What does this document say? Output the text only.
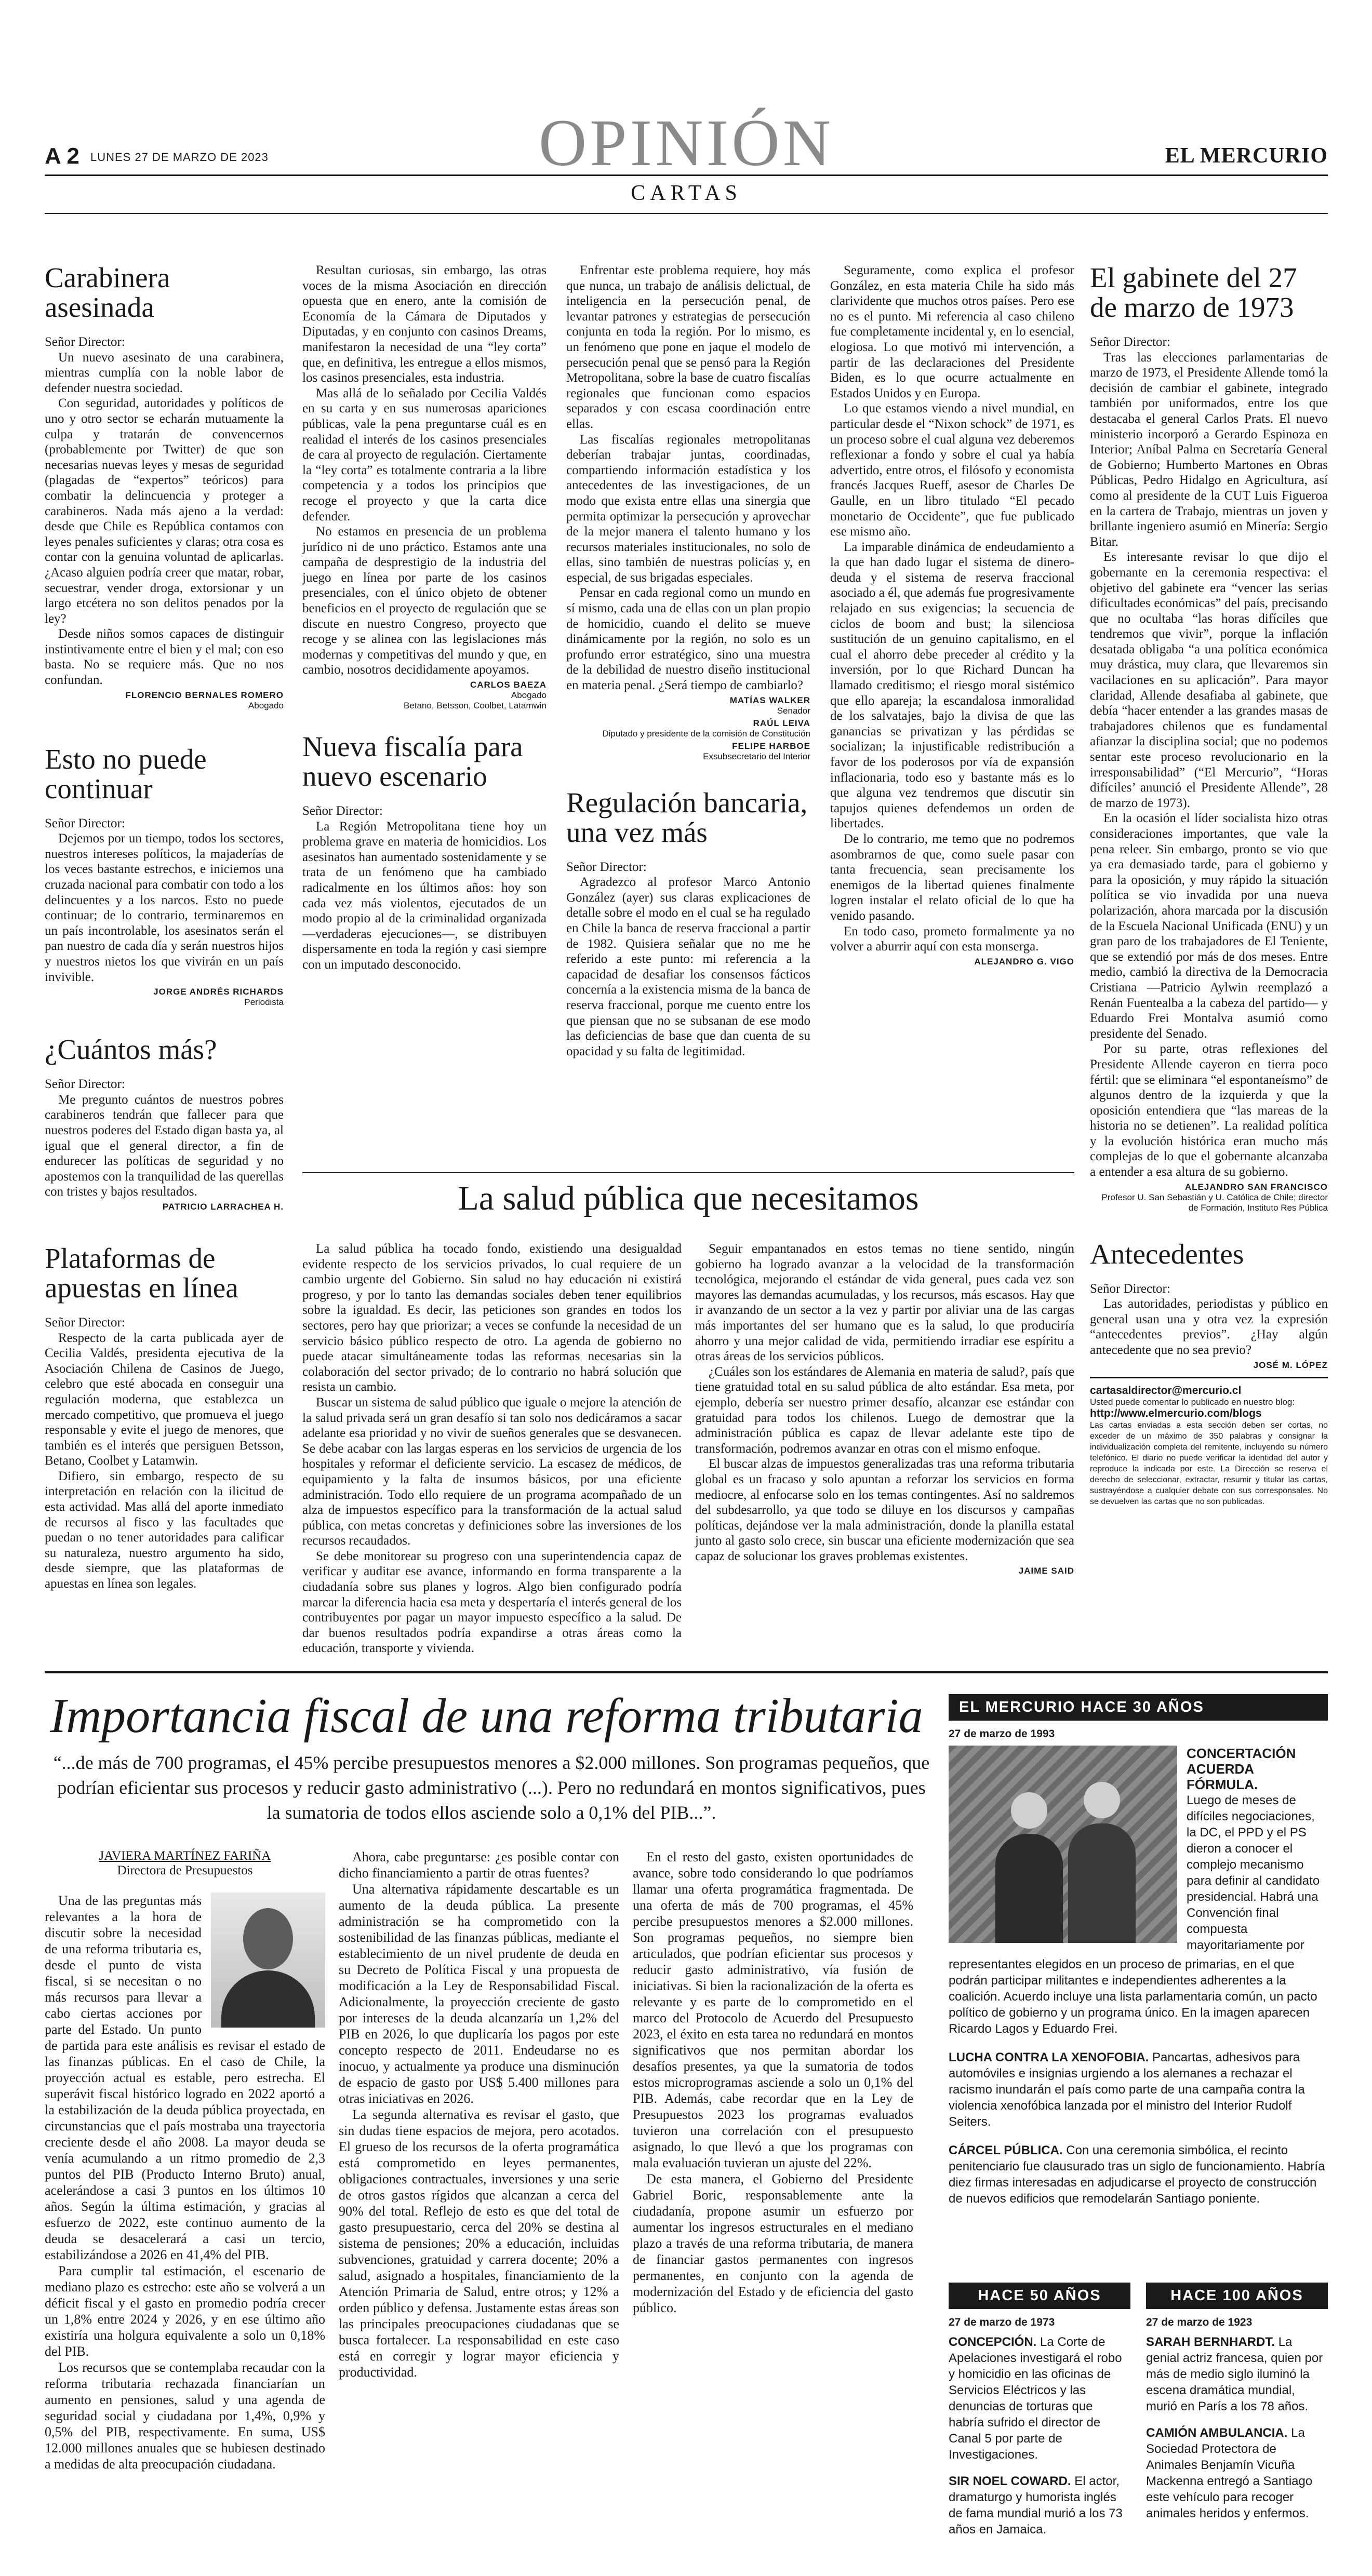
A 2 LUNES 27 DE MARZO DE 2023	OPINIÓN	EL MERCURIO
CARTAS
Carabinera asesinada

Señor Director:

Un nuevo asesinato de una carabinera, mientras cumplía con la noble labor de defender nuestra sociedad.

Con seguridad, autoridades y políticos de uno y otro sector se echarán mutuamente la culpa y tratarán de convencernos (probablemente por Twitter) de que son necesarias nuevas leyes y mesas de seguridad (plagadas de “expertos” teóricos) para combatir la delincuencia y proteger a carabineros. Nada más ajeno a la verdad: desde que Chile es República contamos con leyes penales suficientes y claras; otra cosa es contar con la genuina voluntad de aplicarlas. ¿Acaso alguien podría creer que matar, robar, secuestrar, vender droga, extorsionar y un largo etcétera no son delitos penados por la ley?

Desde niños somos capaces de distinguir instintivamente entre el bien y el mal; con eso basta. No se requiere más. Que no nos confundan.

FLORENCIO BERNALES ROMERO
Abogado
Esto no puede continuar

Señor Director:

Dejemos por un tiempo, todos los sectores, nuestros intereses políticos, la majaderías de los veces bastante estrechos, e iniciemos una cruzada nacional para combatir con todo a los delincuentes y a los narcos. Esto no puede continuar; de lo contrario, terminaremos en un país incontrolable, los asesinatos serán el pan nuestro de cada día y serán nuestros hijos y nuestros nietos los que vivirán en un país invivible.

JORGE ANDRÉS RICHARDS
Periodista
¿Cuántos más?

Señor Director:

Me pregunto cuántos de nuestros pobres carabineros tendrán que fallecer para que nuestros poderes del Estado digan basta ya, al igual que el general director, a fin de endurecer las políticas de seguridad y no apostemos con la tranquilidad de las querellas con tristes y bajos resultados.

PATRICIO LARRACHEA H.
Plataformas de apuestas en línea

Señor Director:

Respecto de la carta publicada ayer de Cecilia Valdés, presidenta ejecutiva de la Asociación Chilena de Casinos de Juego, celebro que esté abocada en conseguir una regulación moderna, que establezca un mercado competitivo, que promueva el juego responsable y evite el juego de menores, que también es el interés que persiguen Betsson, Betano, Coolbet y Latamwin.

Difiero, sin embargo, respecto de su interpretación en relación con la ilicitud de esta actividad. Mas allá del aporte inmediato de recursos al fisco y las facultades que puedan o no tener autoridades para calificar su naturaleza, nuestro argumento ha sido, desde siempre, que las plataformas de apuestas en línea son legales.

Resultan curiosas, sin embargo, las otras voces de la misma Asociación en dirección opuesta que en enero, ante la comisión de Economía de la Cámara de Diputados y Diputadas, y en conjunto con casinos Dreams, manifestaron la necesidad de una “ley corta” que, en definitiva, les entregue a ellos mismos, los casinos presenciales, esta industria.

Mas allá de lo señalado por Cecilia Valdés en su carta y en sus numerosas apariciones públicas, vale la pena preguntarse cuál es en realidad el interés de los casinos presenciales de cara al proyecto de regulación. Ciertamente la “ley corta” es totalmente contraria a la libre competencia y a todos los principios que recoge el proyecto y que la carta dice defender.

No estamos en presencia de un problema jurídico ni de uno práctico. Estamos ante una campaña de desprestigio de la industria del juego en línea por parte de los casinos presenciales, con el único objeto de obtener beneficios en el proyecto de regulación que se discute en nuestro Congreso, proyecto que recoge y se alinea con las legislaciones más modernas y competitivas del mundo y que, en cambio, nosotros decididamente apoyamos.

CARLOS BAEZA
Abogado
Betano, Betsson, Coolbet, Latamwin
Nueva fiscalía para nuevo escenario

Señor Director:

La Región Metropolitana tiene hoy un problema grave en materia de homicidios. Los asesinatos han aumentado sostenidamente y se trata de un fenómeno que ha cambiado radicalmente en los últimos años: hoy son cada vez más violentos, ejecutados de un modo propio al de la criminalidad organizada —verdaderas ejecuciones—, se distribuyen dispersamente en toda la región y casi siempre con un imputado desconocido.

Enfrentar este problema requiere, hoy más que nunca, un trabajo de análisis delictual, de inteligencia en la persecución penal, de levantar patrones y estrategias de persecución conjunta en toda la región. Por lo mismo, es un fenómeno que pone en jaque el modelo de persecución penal que se pensó para la Región Metropolitana, sobre la base de cuatro fiscalías regionales que funcionan como espacios separados y con escasa coordinación entre ellas.

Las fiscalías regionales metropolitanas deberían trabajar juntas, coordinadas, compartiendo información estadística y los antecedentes de las investigaciones, de un modo que exista entre ellas una sinergia que permita optimizar la persecución y aprovechar de la mejor manera el talento humano y los recursos materiales institucionales, no solo de ellas, sino también de nuestras policías y, en especial, de sus brigadas especiales.

Pensar en cada regional como un mundo en sí mismo, cada una de ellas con un plan propio de homicidio, cuando el delito se mueve dinámicamente por la región, no solo es un profundo error estratégico, sino una muestra de la debilidad de nuestro diseño institucional en materia penal. ¿Será tiempo de cambiarlo?

MATÍAS WALKER
Senador
RAÚL LEIVA
Diputado y presidente de la comisión de Constitución
FELIPE HARBOE
Exsubsecretario del Interior
Regulación bancaria, una vez más

Señor Director:

Agradezco al profesor Marco Antonio González (ayer) sus claras explicaciones de detalle sobre el modo en el cual se ha regulado en Chile la banca de reserva fraccional a partir de 1982. Quisiera señalar que no me he referido a este punto: mi referencia a la capacidad de desafiar los consensos fácticos concernía a la existencia misma de la banca de reserva fraccional, porque me cuento entre los que piensan que no se subsanan de ese modo las deficiencias de base que dan cuenta de su opacidad y su falta de legitimidad.

Seguramente, como explica el profesor González, en esta materia Chile ha sido más clarividente que muchos otros países. Pero ese no es el punto. Mi referencia al caso chileno fue completamente incidental y, en lo esencial, elogiosa. Lo que motivó mi intervención, a partir de las declaraciones del Presidente Biden, es lo que ocurre actualmente en Estados Unidos y en Europa.

Lo que estamos viendo a nivel mundial, en particular desde el “Nixon schock” de 1971, es un proceso sobre el cual alguna vez deberemos reflexionar a fondo y sobre el cual ya había advertido, entre otros, el filósofo y economista francés Jacques Rueff, asesor de Charles De Gaulle, en un libro titulado “El pecado monetario de Occidente”, que fue publicado ese mismo año.

La imparable dinámica de endeudamiento a la que han dado lugar el sistema de dinero-deuda y el sistema de reserva fraccional asociado a él, que además fue progresivamente relajado en sus exigencias; la secuencia de ciclos de boom and bust; la silenciosa sustitución de un genuino capitalismo, en el cual el ahorro debe preceder al crédito y la inversión, por lo que Richard Duncan ha llamado creditismo; el riesgo moral sistémico que ello apareja; la escandalosa inmoralidad de los salvatajes, bajo la divisa de que las ganancias se privatizan y las pérdidas se socializan; la injustificable redistribución a favor de los poderosos por vía de expansión inflacionaria, todo eso y bastante más es lo que alguna vez tendremos que discutir sin tapujos quienes defendemos un orden de libertades.

De lo contrario, me temo que no podremos asombrarnos de que, como suele pasar con tanta frecuencia, sean precisamente los enemigos de la libertad quienes finalmente logren instalar el relato oficial de lo que ha venido pasando.

En todo caso, prometo formalmente ya no volver a aburrir aquí con esta monserga.

ALEJANDRO G. VIGO
El gabinete del 27 de marzo de 1973

Señor Director:

Tras las elecciones parlamentarias de marzo de 1973, el Presidente Allende tomó la decisión de cambiar el gabinete, integrado también por uniformados, entre los que destacaba el general Carlos Prats. El nuevo ministerio incorporó a Gerardo Espinoza en Interior; Aníbal Palma en Secretaría General de Gobierno; Humberto Martones en Obras Públicas, Pedro Hidalgo en Agricultura, así como al presidente de la CUT Luis Figueroa en la cartera de Trabajo, mientras un joven y brillante ingeniero asumió en Minería: Sergio Bitar.

Es interesante revisar lo que dijo el gobernante en la ceremonia respectiva: el objetivo del gabinete era “vencer las serias dificultades económicas” del país, precisando que no ocultaba “las horas difíciles que tendremos que vivir”, porque la inflación desatada obligaba “a una política económica muy drástica, muy clara, que llevaremos sin vacilaciones en su aplicación”. Para mayor claridad, Allende desafiaba al gabinete, que debía “hacer entender a las grandes masas de trabajadores chilenos que es fundamental afianzar la disciplina social; que no podemos sentar este proceso revolucionario en la irresponsabilidad” (“El Mercurio”, “Horas difíciles’ anunció el Presidente Allende”, 28 de marzo de 1973).

En la ocasión el líder socialista hizo otras consideraciones importantes, que vale la pena releer. Sin embargo, pronto se vio que ya era demasiado tarde, para el gobierno y para la oposición, y muy rápido la situación política se vio invadida por una nueva polarización, ahora marcada por la discusión de la Escuela Nacional Unificada (ENU) y un gran paro de los trabajadores de El Teniente, que se extendió por más de dos meses. Entre medio, cambió la directiva de la Democracia Cristiana —Patricio Aylwin reemplazó a Renán Fuentealba a la cabeza del partido— y Eduardo Frei Montalva asumió como presidente del Senado.

Por su parte, otras reflexiones del Presidente Allende cayeron en tierra poco fértil: que se eliminara “el espontaneísmo” de algunos dentro de la izquierda y que la oposición entendiera que “las mareas de la historia no se detienen”. La realidad política y la evolución histórica eran mucho más complejas de lo que el gobernante alcanzaba a entender a esa altura de su gobierno.

ALEJANDRO SAN FRANCISCO
Profesor U. San Sebastián y U. Católica de Chile; director de Formación, Instituto Res Pública
Antecedentes

Señor Director:

Las autoridades, periodistas y público en general usan una y otra vez la expresión “antecedentes previos”. ¿Hay algún antecedente que no sea previo?

JOSÉ M. LÓPEZ
cartasaldirector@mercurio.cl
Usted puede comentar lo publicado en nuestro blog:
http://www.elmercurio.com/blogs
Las cartas enviadas a esta sección deben ser cortas, no exceder de un máximo de 350 palabras y consignar la individualización completa del remitente, incluyendo su número telefónico. El diario no puede verificar la identidad del autor y reproduce la indicada por este. La Dirección se reserva el derecho de seleccionar, extractar, resumir y titular las cartas, sustrayéndose a cualquier debate con sus corresponsales. No se devuelven las cartas que no son publicadas.
La salud pública que necesitamos

La salud pública ha tocado fondo, existiendo una desigualdad evidente respecto de los servicios privados, lo cual requiere de un cambio urgente del Gobierno. Sin salud no hay educación ni existirá progreso, y por lo tanto las demandas sociales deben tener equilibrios sobre la igualdad. Es decir, las peticiones son grandes en todos los sectores, pero hay que priorizar; a veces se confunde la necesidad de un servicio básico público respecto de otro. La agenda de gobierno no puede atacar simultáneamente todas las reformas necesarias sin la colaboración del sector privado; de lo contrario no habrá solución que resista un cambio.

Buscar un sistema de salud público que iguale o mejore la atención de la salud privada será un gran desafío si tan solo nos dedicáramos a sacar adelante esa prioridad y no vivir de sueños generales que se desvanecen. Se debe acabar con las largas esperas en los servicios de urgencia de los hospitales y reformar el deficiente servicio. La escasez de médicos, de equipamiento y la falta de insumos básicos, por una eficiente administración. Todo ello requiere de un programa acompañado de un alza de impuestos específico para la transformación de la actual salud pública, con metas concretas y definiciones sobre las inversiones de los recursos recaudados.

Se debe monitorear su progreso con una superintendencia capaz de verificar y auditar ese avance, informando en forma transparente a la ciudadanía sobre sus planes y logros. Algo bien configurado podría marcar la diferencia hacia esa meta y despertaría el interés general de los contribuyentes por pagar un mayor impuesto específico a la salud. De dar buenos resultados podría expandirse a otras áreas como la educación, transporte y vivienda.

Seguir empantanados en estos temas no tiene sentido, ningún gobierno ha logrado avanzar a la velocidad de la transformación tecnológica, mejorando el estándar de vida general, pues cada vez son mayores las demandas acumuladas, y los recursos, más escasos. Hay que ir avanzando de un sector a la vez y partir por aliviar una de las cargas más importantes del ser humano que es la salud, lo que produciría ahorro y una mejor calidad de vida, permitiendo irradiar ese espíritu a otras áreas de los servicios públicos.

¿Cuáles son los estándares de Alemania en materia de salud?, país que tiene gratuidad total en su salud pública de alto estándar. Esa meta, por ejemplo, debería ser nuestro primer desafío, alcanzar ese estándar con gratuidad para todos los chilenos. Luego de demostrar que la administración pública es capaz de llevar adelante este tipo de transformación, podremos avanzar en otras con el mismo enfoque.

El buscar alzas de impuestos generalizadas tras una reforma tributaria global es un fracaso y solo apuntan a reforzar los servicios en forma mediocre, al enfocarse solo en los temas contingentes. Así no saldremos del subdesarrollo, ya que todo se diluye en los discursos y campañas políticas, dejándose ver la mala administración, donde la planilla estatal junto al gasto solo crece, sin buscar una eficiente modernización que sea capaz de solucionar los graves problemas existentes.

JAIME SAID
Importancia fiscal de una reforma tributaria
“...de más de 700 programas, el 45% percibe presupuestos menores a $2.000 millones. Son programas pequeños, que podrían eficientar sus procesos y reducir gasto administrativo (...). Pero no redundará en montos significativos, pues la sumatoria de todos ellos asciende solo a 0,1% del PIB...”.
JAVIERA MARTÍNEZ FARIÑA
Directora de Presupuestos

Una de las preguntas más relevantes a la hora de discutir sobre la necesidad de una reforma tributaria es, desde el punto de vista fiscal, si se necesitan o no más recursos para llevar a cabo ciertas acciones por parte del Estado. Un punto de partida para este análisis es revisar el estado de las finanzas públicas. En el caso de Chile, la proyección actual es estable, pero estrecha. El superávit fiscal histórico logrado en 2022 aportó a la estabilización de la deuda pública proyectada, en circunstancias que el país mostraba una trayectoria creciente desde el año 2008. La mayor deuda se venía acumulando a un ritmo promedio de 2,3 puntos del PIB (Producto Interno Bruto) anual, acelerándose a casi 3 puntos en los últimos 10 años. Según la última estimación, y gracias al esfuerzo de 2022, este continuo aumento de la deuda se desacelerará a casi un tercio, estabilizándose a 2026 en 41,4% del PIB.

Para cumplir tal estimación, el escenario de mediano plazo es estrecho: este año se volverá a un déficit fiscal y el gasto en promedio podría crecer un 1,8% entre 2024 y 2026, y en ese último año existiría una holgura equivalente a solo un 0,18% del PIB.

Los recursos que se contemplaba recaudar con la reforma tributaria rechazada financiarían un aumento en pensiones, salud y una agenda de seguridad social y ciudadana por 1,4%, 0,9% y 0,5% del PIB, respectivamente. En suma, US$ 12.000 millones anuales que se hubiesen destinado a medidas de alta preocupación ciudadana.

Ahora, cabe preguntarse: ¿es posible contar con dicho financiamiento a partir de otras fuentes?

Una alternativa rápidamente descartable es un aumento de la deuda pública. La presente administración se ha comprometido con la sostenibilidad de las finanzas públicas, mediante el establecimiento de un nivel prudente de deuda en su Decreto de Política Fiscal y una propuesta de modificación a la Ley de Responsabilidad Fiscal. Adicionalmente, la proyección creciente de gasto por intereses de la deuda alcanzaría un 1,2% del PIB en 2026, lo que duplicaría los pagos por este concepto respecto de 2011. Endeudarse no es inocuo, y actualmente ya produce una disminución de espacio de gasto por US$ 5.400 millones para otras iniciativas en 2026.

La segunda alternativa es revisar el gasto, que sin dudas tiene espacios de mejora, pero acotados. El grueso de los recursos de la oferta programática está comprometido en leyes permanentes, obligaciones contractuales, inversiones y una serie de otros gastos rígidos que alcanzan a cerca del 90% del total. Reflejo de esto es que del total de gasto presupuestario, cerca del 20% se destina al sistema de pensiones; 20% a educación, incluidas subvenciones, gratuidad y carrera docente; 20% a salud, asignado a hospitales, financiamiento de la Atención Primaria de Salud, entre otros; y 12% a orden público y defensa. Justamente estas áreas son las principales preocupaciones ciudadanas que se busca fortalecer. La responsabilidad en este caso está en corregir y lograr mayor eficiencia y productividad.

En el resto del gasto, existen oportunidades de avance, sobre todo considerando lo que podríamos llamar una oferta programática fragmentada. De una oferta de más de 700 programas, el 45% percibe presupuestos menores a $2.000 millones. Son programas pequeños, no siempre bien articulados, que podrían eficientar sus procesos y reducir gasto administrativo, vía fusión de iniciativas. Si bien la racionalización de la oferta es relevante y es parte de lo comprometido en el marco del Protocolo de Acuerdo del Presupuesto 2023, el éxito en esta tarea no redundará en montos significativos que nos permitan abordar los desafíos presentes, ya que la sumatoria de todos estos microprogramas asciende a solo un 0,1% del PIB. Además, cabe recordar que en la Ley de Presupuestos 2023 los programas evaluados tuvieron una correlación con el presupuesto asignado, lo que llevó a que los programas con mala evaluación tuvieran un ajuste del 22%.

De esta manera, el Gobierno del Presidente Gabriel Boric, responsablemente ante la ciudadanía, propone asumir un esfuerzo por aumentar los ingresos estructurales en el mediano plazo a través de una reforma tributaria, de manera de financiar gastos permanentes con ingresos permanentes, en conjunto con la agenda de modernización del Estado y de eficiencia del gasto público.

EL MERCURIO HACE 30 AÑOS
27 de marzo de 1993
CONCERTACIÓN ACUERDA FÓRMULA.
Luego de meses de difíciles negociaciones, la DC, el PPD y el PS dieron a conocer el complejo mecanismo para definir al candidato presidencial. Habrá una Convención final compuesta mayoritariamente por
representantes elegidos en un proceso de primarias, en el que podrán participar militantes e independientes adherentes a la coalición. Acuerdo incluye una lista parlamentaria común, un pacto político de gobierno y un programa único. En la imagen aparecen Ricardo Lagos y Eduardo Frei.
LUCHA CONTRA LA XENOFOBIA. Pancartas, adhesivos para automóviles e insignias urgiendo a los alemanes a rechazar el racismo inundarán el país como parte de una campaña contra la violencia xenofóbica lanzada por el ministro del Interior Rudolf Seiters.
CÁRCEL PÚBLICA. Con una ceremonia simbólica, el recinto penitenciario fue clausurado tras un siglo de funcionamiento. Habría diez firmas interesadas en adjudicarse el proyecto de construcción de nuevos edificios que remodelarán Santiago poniente.
HACE 50 AÑOS
27 de marzo de 1973
CONCEPCIÓN. La Corte de Apelaciones investigará el robo y homicidio en las oficinas de Servicios Eléctricos y las denuncias de torturas que habría sufrido el director de Canal 5 por parte de Investigaciones.
SIR NOEL COWARD. El actor, dramaturgo y humorista inglés de fama mundial murió a los 73 años en Jamaica.
HACE 100 AÑOS
27 de marzo de 1923
SARAH BERNHARDT. La genial actriz francesa, quien por más de medio siglo iluminó la escena dramática mundial, murió en París a los 78 años.
CAMIÓN AMBULANCIA. La Sociedad Protectora de Animales Benjamín Vicuña Mackenna entregó a Santiago este vehículo para recoger animales heridos y enfermos.
